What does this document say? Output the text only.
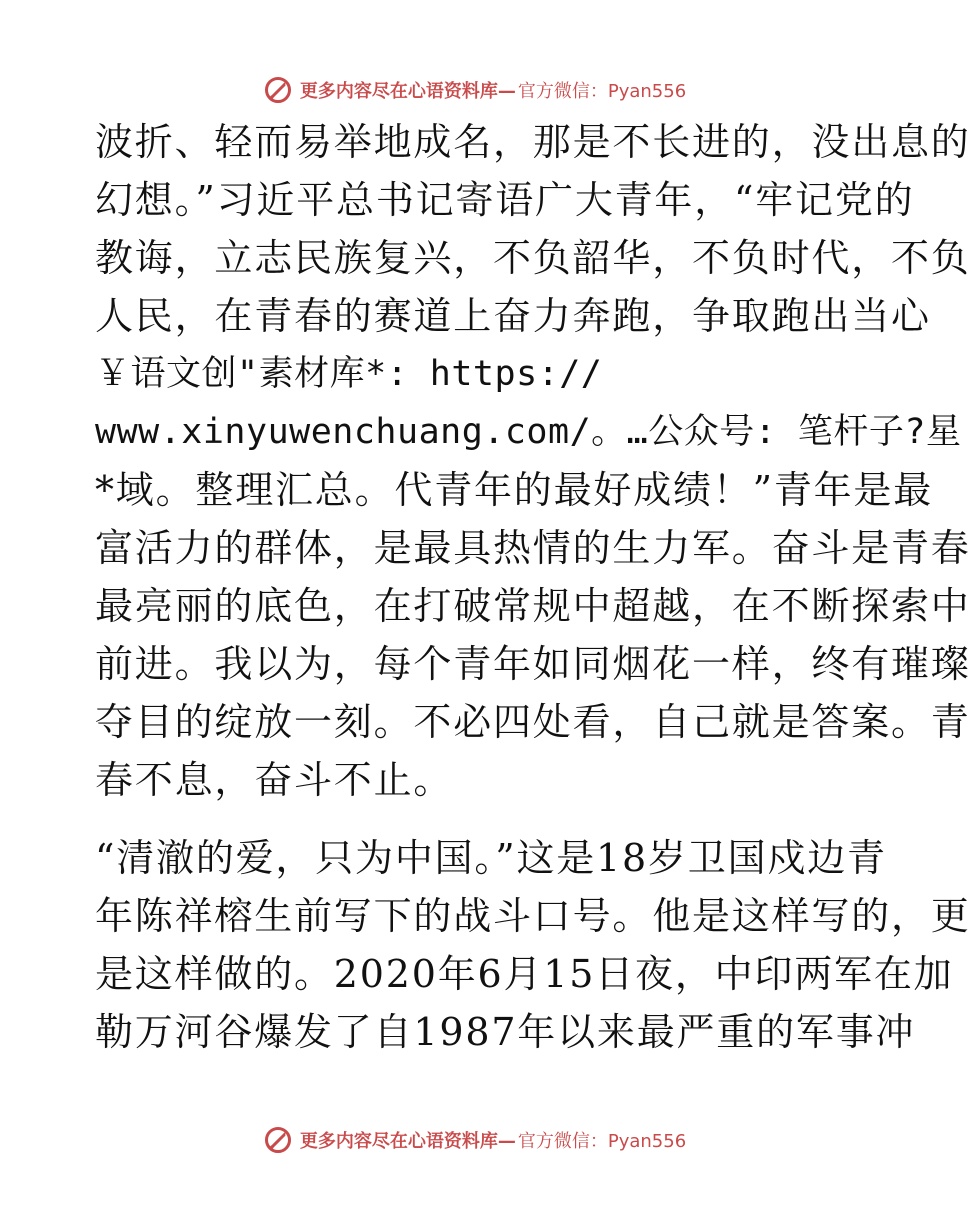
更多内容尽在心语资料库— 官方微信：Pyan556
波折、轻而易举地成名，那是不长进的，没出息的
幻想。”习近平总书记寄语广大青年，“牢记党的
教诲，立志民族复兴，不负韶华，不负时代，不负
人民，在青春的赛道上奋力奔跑，争取跑出当心
￥语文创"素材库*: https://
www.xinyuwenchuang.com/。…公众号: 笔杆子?星
*域。整理汇总。代青年的最好成绩！”青年是最
富活力的群体，是最具热情的生力军。奋斗是青春
最亮丽的底色，在打破常规中超越，在不断探索中
前进。我以为，每个青年如同烟花一样，终有璀璨
夺目的绽放一刻。不必四处看，自己就是答案。青
春不息，奋斗不止。
“清澈的爱，只为中国。”这是18岁卫国戍边青
年陈祥榕生前写下的战斗口号。他是这样写的，更
是这样做的。2020年6月15日夜，中印两军在加
勒万河谷爆发了自1987年以来最严重的军事冲
更多内容尽在心语资料库— 官方微信：Pyan556
